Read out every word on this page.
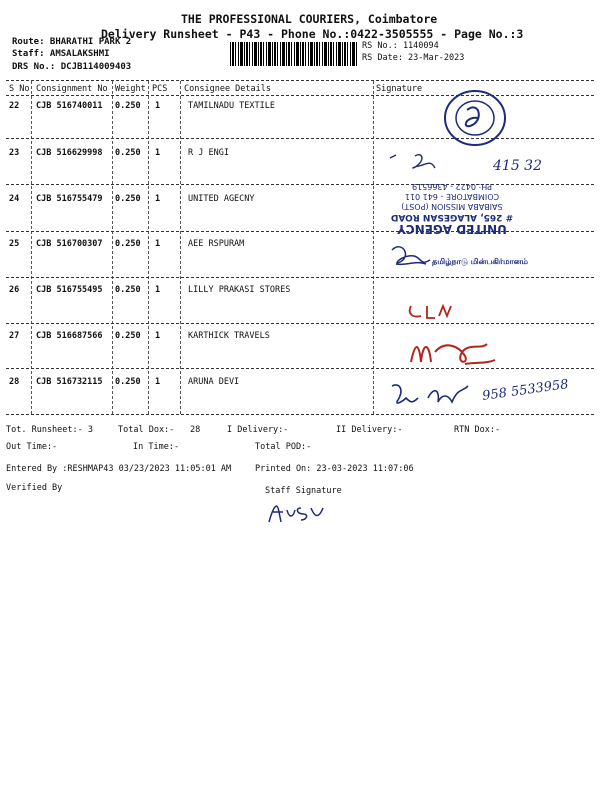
THE PROFESSIONAL COURIERS, Coimbatore
Delivery Runsheet - P43 - Phone No.:0422-3505555 - Page No.:3
Route: BHARATHI PARK 2
Staff: AMSALAKSHMI
DRS No.: DCJB114009403
RS No.: 1140094
RS Date: 23-Mar-2023
S No Consignment No Weight PCS Consignee Details	Signature
22 CJB 516740011 0.250 1	TAMILNADU TEXTILE
23 CJB 516629998 0.250 1	R J ENGI
24 CJB 516755479 0.250 1	UNITED AGECNY
25 CJB 516700307 0.250 1	AEE RSPURAM
26 CJB 516755495 0.250 1	LILLY PRAKASI STORES
27 CJB 516687566 0.250 1	KARTHICK TRAVELS
28 CJB 516732115 0.250 1	ARUNA DEVI
415 32
UNITED AGENCY
# 265, ALAGESAN ROAD
SAIBABA MISSION (POST)
COIMBATORE - 641 011
PH: 0422 - 4366519
தமிழ்நாடு மின்பகிர்மானம்
958 5533958
Tot. Runsheet:- 3	Total Dox:- 28	I Delivery:-	II Delivery:-	RTN Dox:-
Out Time:-	In Time:-	Total POD:-
Entered By :RESHMAP43 03/23/2023 11:05:01 AM	Printed On: 23-03-2023 11:07:06
Verified By	Staff Signature
